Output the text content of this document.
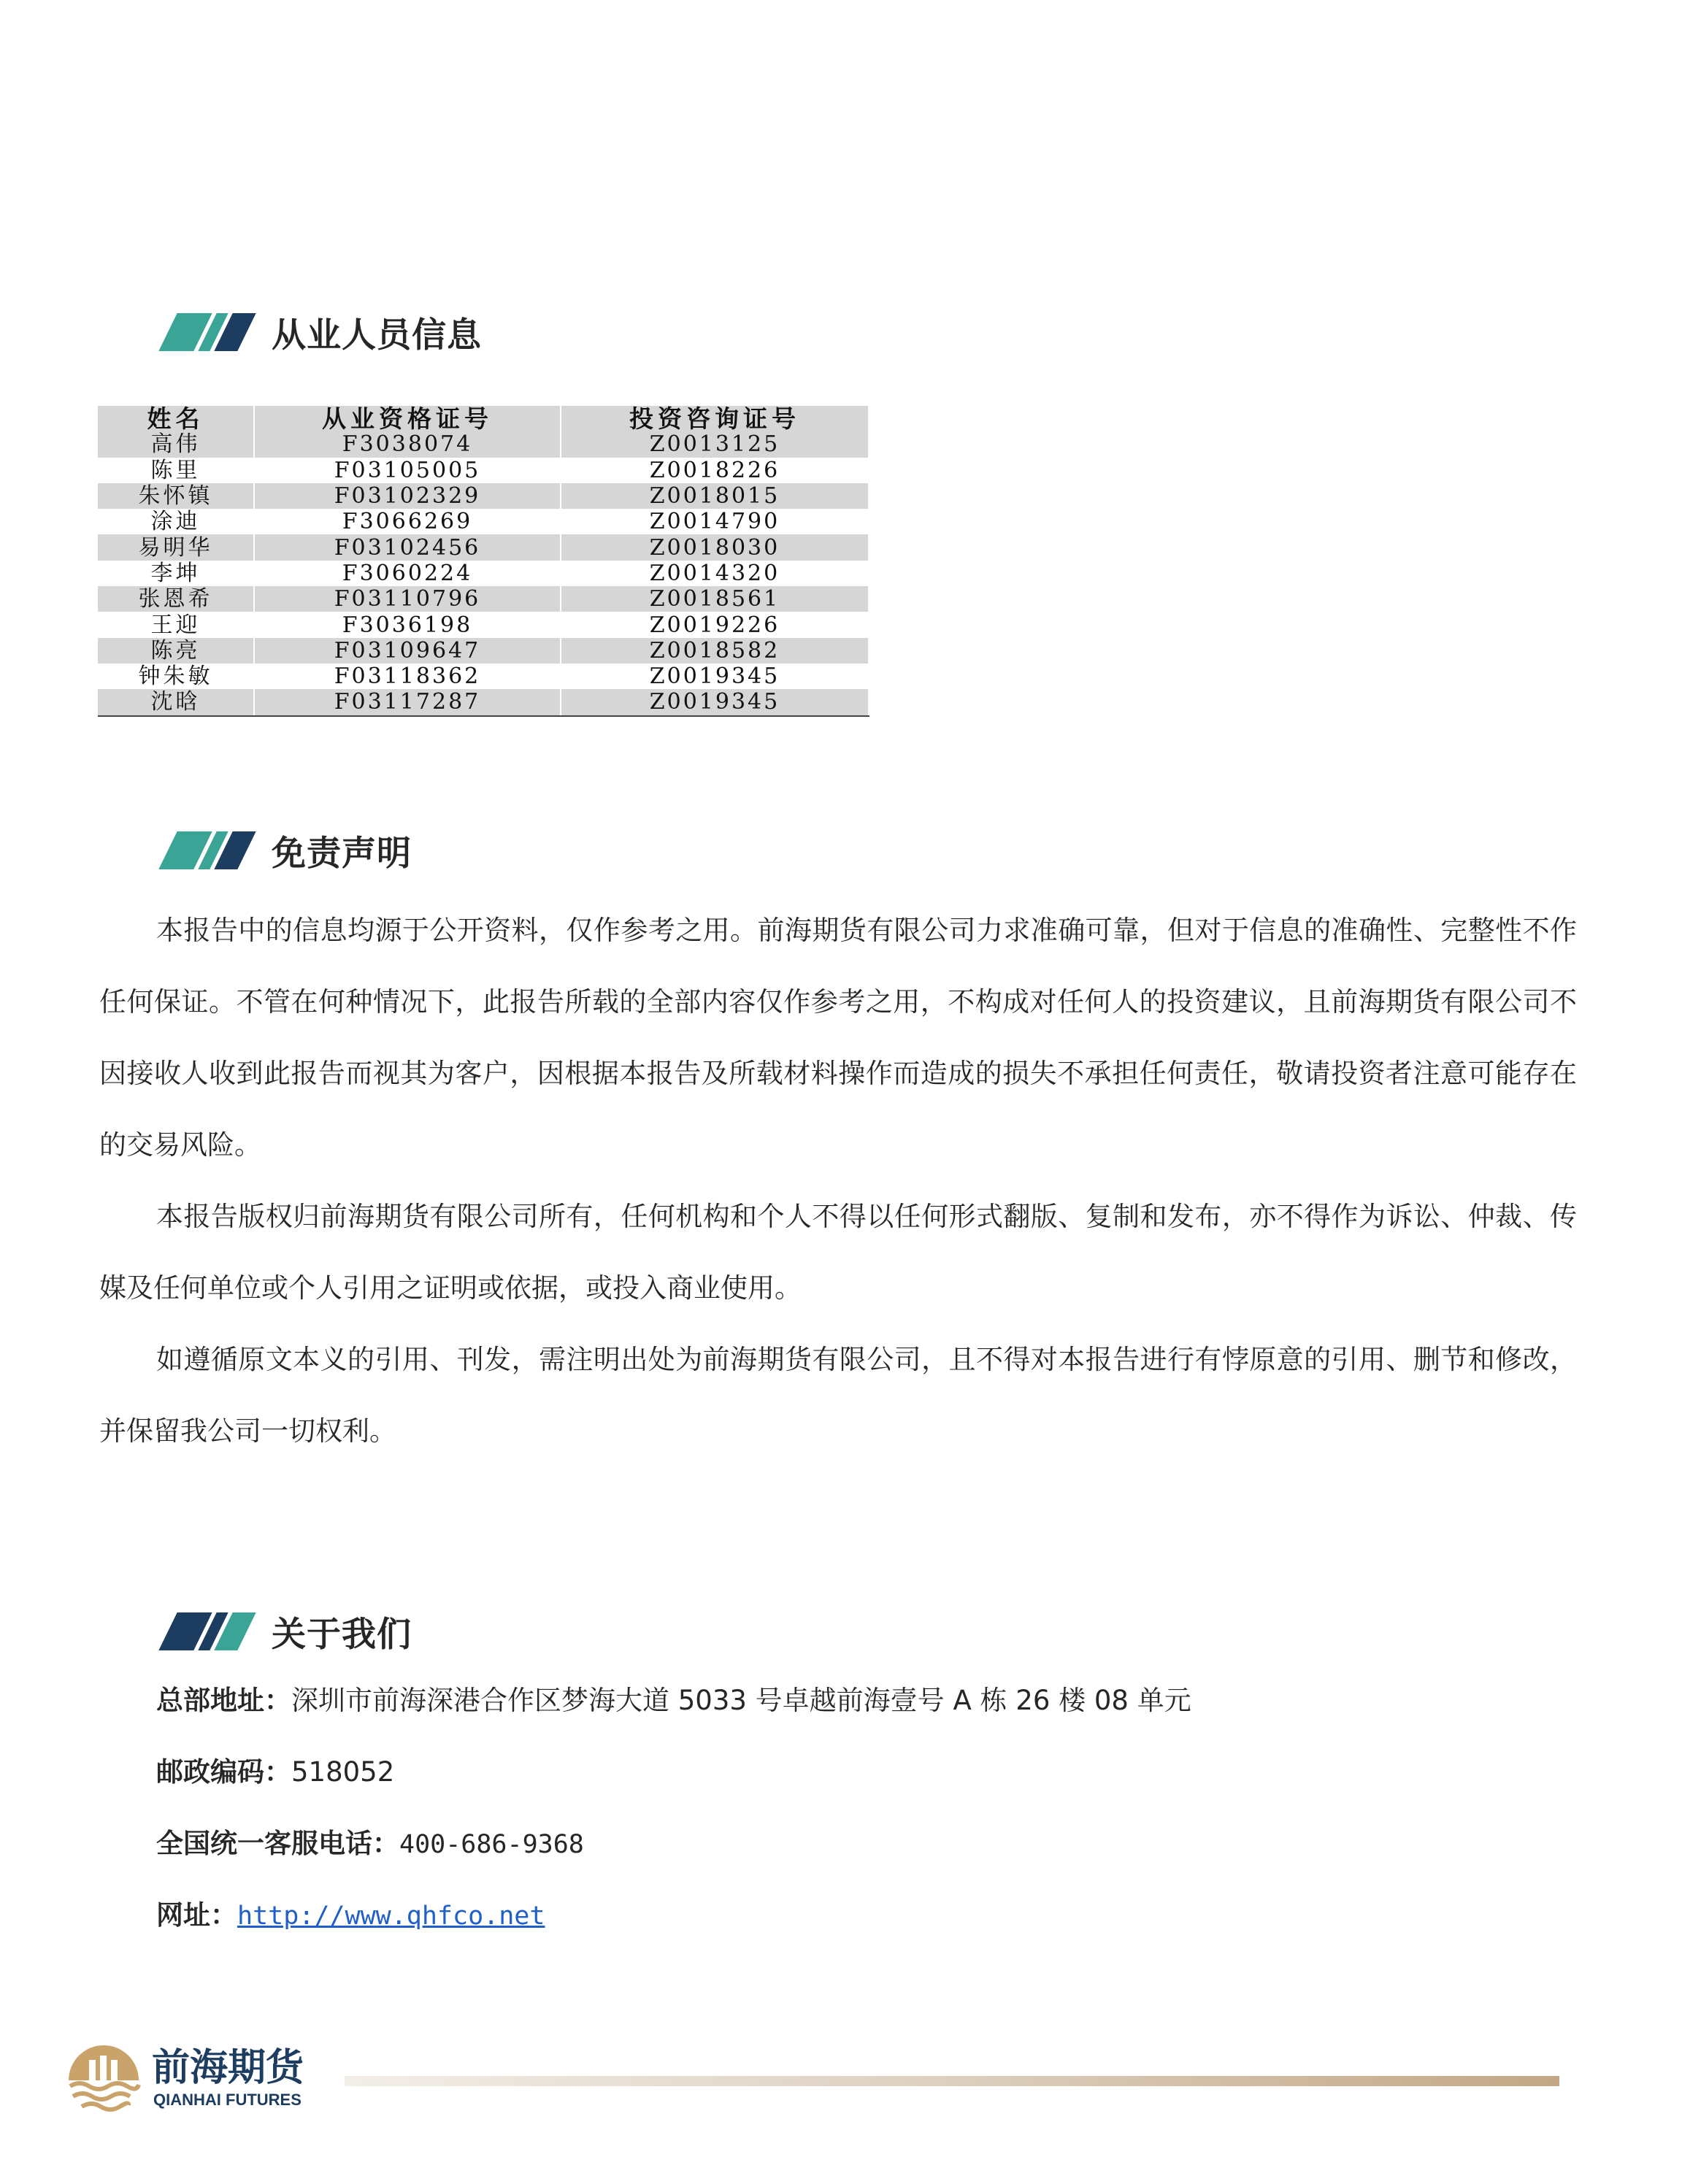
从业人员信息
姓名	从业资格证号	投资咨询证号
高伟	F3038074	Z0013125
陈里	F03105005	Z0018226
朱怀镇	F03102329	Z0018015
涂迪	F3066269	Z0014790
易明华	F03102456	Z0018030
李坤	F3060224	Z0014320
张恩希	F03110796	Z0018561
王迎	F3036198	Z0019226
陈亮	F03109647	Z0018582
钟朱敏	F03118362	Z0019345
沈晗	F03117287	Z0019345
免责声明

本报告中的信息均源于公开资料，仅作参考之用。前海期货有限公司力求准确可靠，但对于信息的准确性、完整性不作任何保证。不管在何种情况下，此报告所载的全部内容仅作参考之用，不构成对任何人的投资建议，且前海期货有限公司不因接收人收到此报告而视其为客户，因根据本报告及所载材料操作而造成的损失不承担任何责任，敬请投资者注意可能存在的交易风险。

本报告版权归前海期货有限公司所有，任何机构和个人不得以任何形式翻版、复制和发布，亦不得作为诉讼、仲裁、传媒及任何单位或个人引用之证明或依据，或投入商业使用。

如遵循原文本义的引用、刊发，需注明出处为前海期货有限公司，且不得对本报告进行有悖原意的引用、删节和修改，并保留我公司一切权利。

关于我们
总部地址：深圳市前海深港合作区梦海大道 5033 号卓越前海壹号 A 栋 26 楼 08 单元
邮政编码：518052
全国统一客服电话：400-686-9368
网址：http://www.qhfco.net
前海期货
QIANHAI FUTURES
